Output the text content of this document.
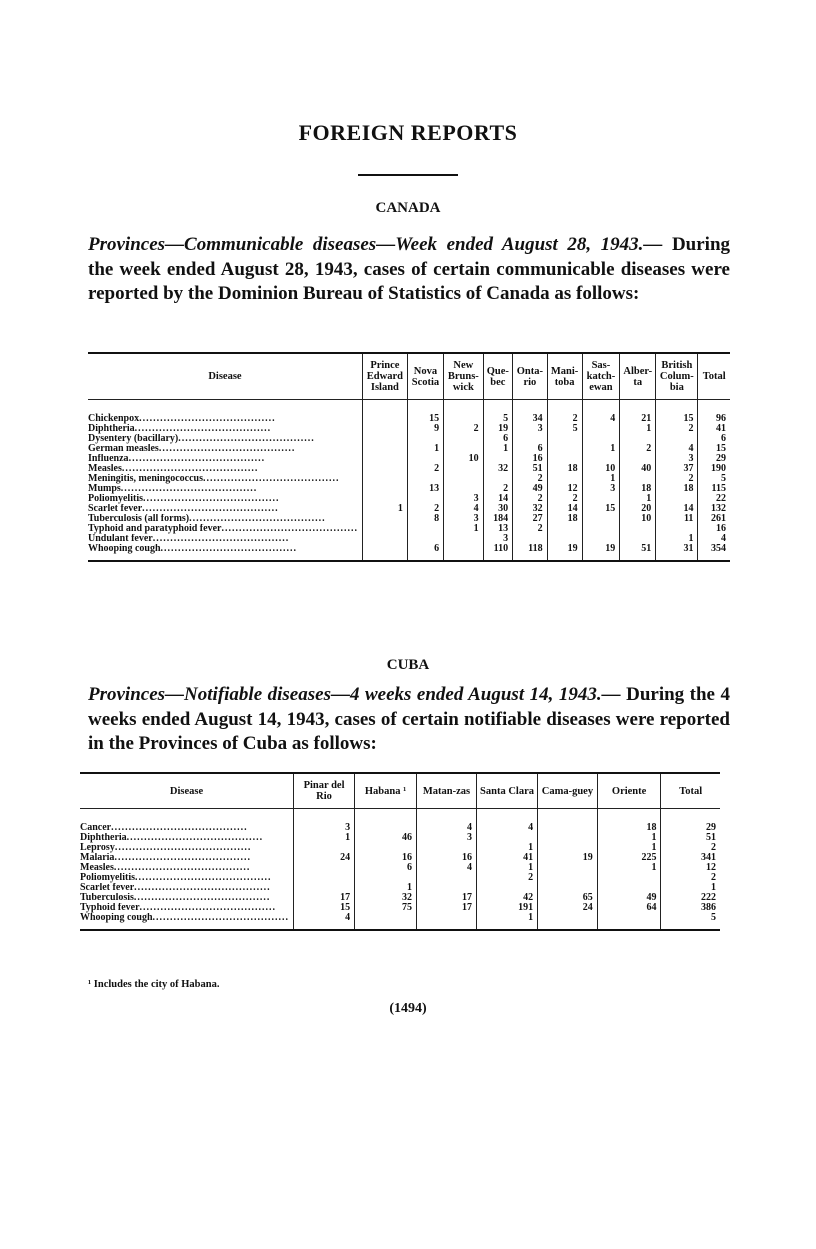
FOREIGN REPORTS
CANADA
Provinces—Communicable diseases—Week ended August 28, 1943.— During the week ended August 28, 1943, cases of certain communicable diseases were reported by the Dominion Bureau of Statistics of Canada as follows:
Disease	Prince Edward Island	Nova Scotia	New Bruns-wick	Que-bec	Onta-rio	Mani-toba	Sas-katch-ewan	Alber-ta	British Colum-bia	Total
Chickenpox.......................................		15		5	34	2	4	21	15	96
Diphtheria.......................................		9	2	19	3	5		1	2	41
Dysentery (bacillary).......................................				6						6
German measles.......................................		1		1	6		1	2	4	15
Influenza.......................................			10		16				3	29
Measles.......................................		2		32	51	18	10	40	37	190
Meningitis, meningococcus.......................................					2		1		2	5
Mumps.......................................		13		2	49	12	3	18	18	115
Poliomyelitis.......................................			3	14	2	2		1		22
Scarlet fever.......................................	1	2	4	30	32	14	15	20	14	132
Tuberculosis (all forms).......................................		8	3	184	27	18		10	11	261
Typhoid and paratyphoid fever.......................................			1	13	2					16
Undulant fever.......................................				3					1	4
Whooping cough.......................................		6		110	118	19	19	51	31	354
CUBA
Provinces—Notifiable diseases—4 weeks ended August 14, 1943.— During the 4 weeks ended August 14, 1943, cases of certain notifiable diseases were reported in the Provinces of Cuba as follows:
Disease	Pinar del Rio	Habana ¹	Matan-zas	Santa Clara	Cama-guey	Oriente	Total
Cancer.......................................	3		4	4		18	29
Diphtheria.......................................	1	46	3			1	51
Leprosy.......................................				1		1	2
Malaria.......................................	24	16	16	41	19	225	341
Measles.......................................		6	4	1		1	12
Poliomyelitis.......................................				2			2
Scarlet fever.......................................		1					1
Tuberculosis.......................................	17	32	17	42	65	49	222
Typhoid fever.......................................	15	75	17	191	24	64	386
Whooping cough.......................................	4			1			5
¹ Includes the city of Habana.
(1494)
